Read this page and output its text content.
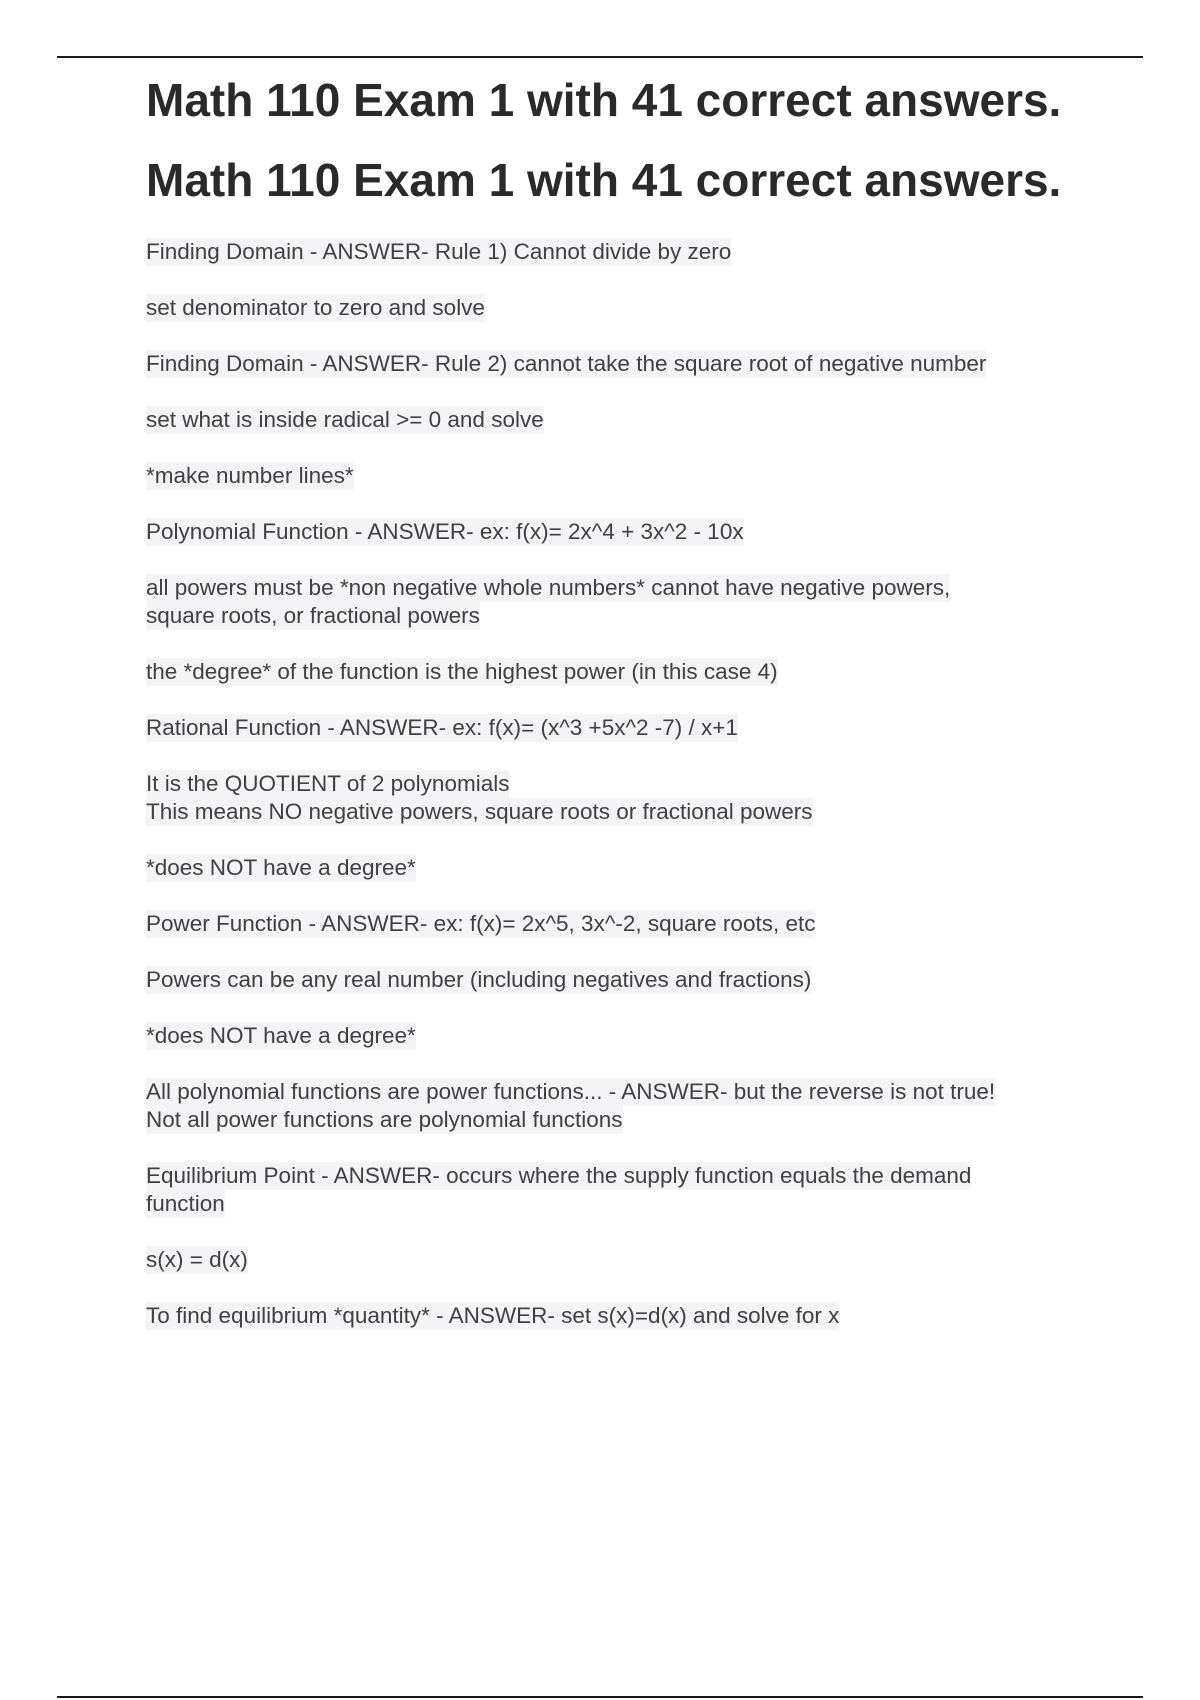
Math 110 Exam 1 with 41 correct answers.
Math 110 Exam 1 with 41 correct answers.

Finding Domain - ANSWER- Rule 1) Cannot divide by zero

set denominator to zero and solve

Finding Domain - ANSWER- Rule 2) cannot take the square root of negative number

set what is inside radical >= 0 and solve

*make number lines*

Polynomial Function - ANSWER- ex: f(x)= 2x^4 + 3x^2 - 10x

all powers must be *non negative whole numbers* cannot have negative powers,
square roots, or fractional powers

the *degree* of the function is the highest power (in this case 4)

Rational Function - ANSWER- ex: f(x)= (x^3 +5x^2 -7) / x+1

It is the QUOTIENT of 2 polynomials
This means NO negative powers, square roots or fractional powers

*does NOT have a degree*

Power Function - ANSWER- ex: f(x)= 2x^5, 3x^-2, square roots, etc

Powers can be any real number (including negatives and fractions)

*does NOT have a degree*

All polynomial functions are power functions... - ANSWER- but the reverse is not true!
Not all power functions are polynomial functions

Equilibrium Point - ANSWER- occurs where the supply function equals the demand
function

s(x) = d(x)

To find equilibrium *quantity* - ANSWER- set s(x)=d(x) and solve for x
